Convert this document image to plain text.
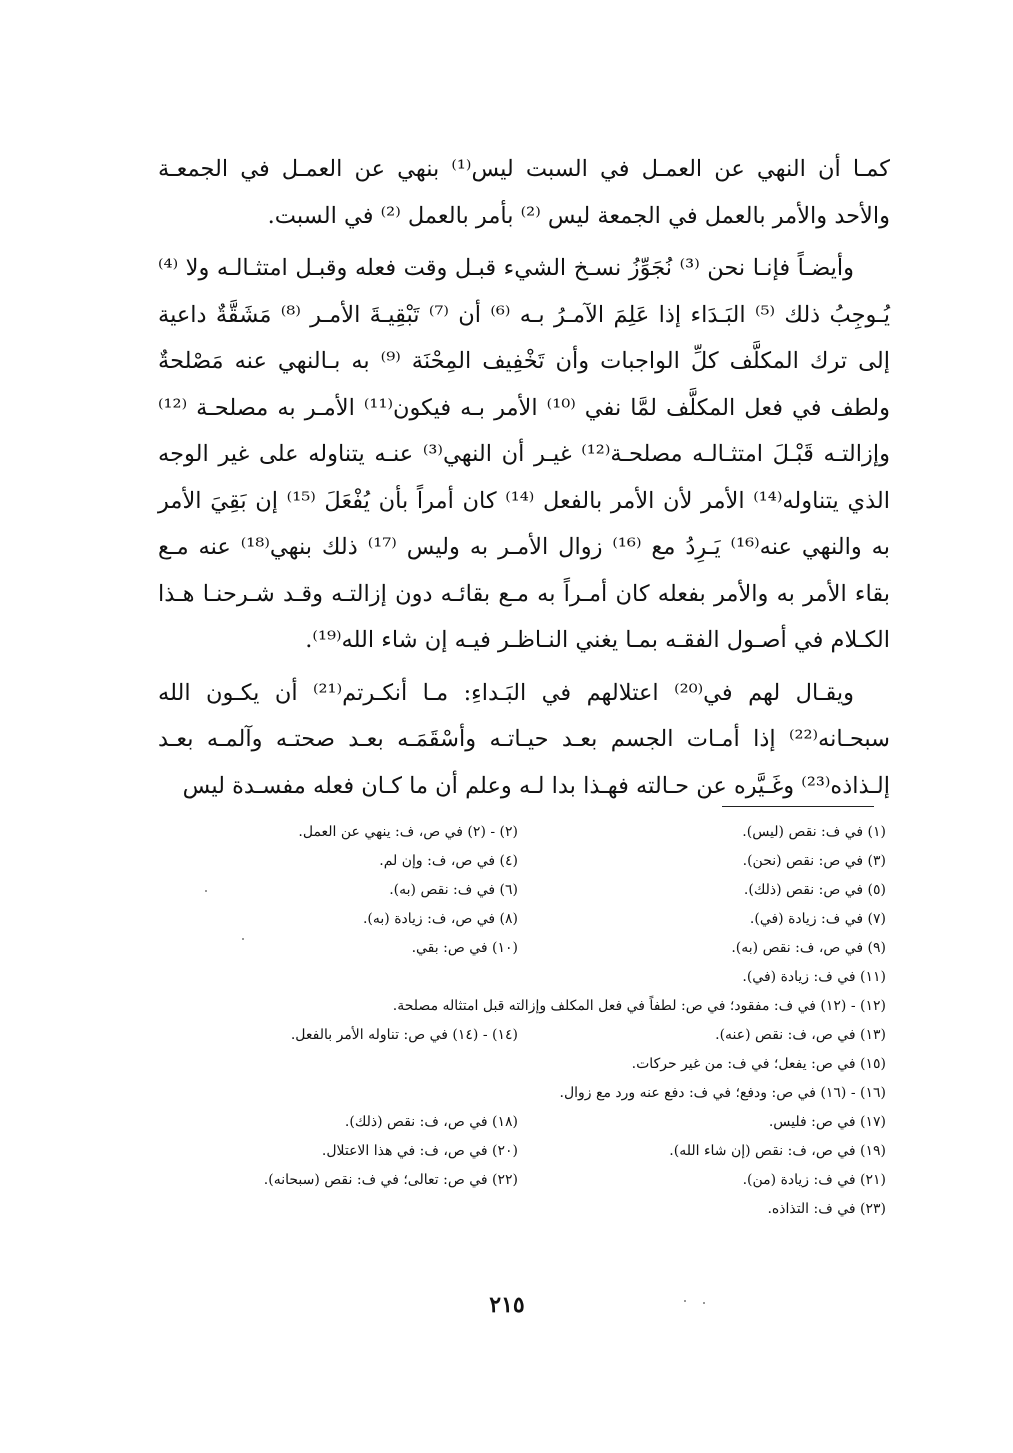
كمـا أن النهي عن العمـل في السبت ليس⁽¹⁾ بنهي عن العمـل في الجمعـة والأحد والأمر بالعمل في الجمعة ليس ⁽²⁾ بأمر بالعمل ⁽²⁾ في السبت.

وأيضـاً فإنـا نحن ⁽³⁾ نُجَوِّزُ نسـخ الشيء قبـل وقت فعله وقبـل امتثـالـه ولا ⁽⁴⁾ يُـوجِبُ ذلك ⁽⁵⁾ البَـدَاء إذا عَلِمَ الآمـرُ بـه ⁽⁶⁾ أن ⁽⁷⁾ تَبْقِيـةَ الأمـر ⁽⁸⁾ مَشَقَّةٌ داعية إلى ترك المكلَّف كلِّ الواجبات وأن تَخْفِيف المِحْنَة ⁽⁹⁾ به بـالنهي عنه مَصْلحةٌ ولطف في فعل المكلَّف لمَّا نفي ⁽¹⁰⁾ الأمر بـه فيكون⁽¹¹⁾ الأمـر به مصلحـة ⁽¹²⁾ وإزالتـه قَبْـلَ امتثـالـه مصلحـة⁽¹²⁾ غيـر أن النهي⁽³⁾ عنـه يتناوله على غير الوجه الذي يتناوله⁽¹⁴⁾ الأمر لأن الأمر بالفعل ⁽¹⁴⁾ كان أمراً بأن يُفْعَلَ ⁽¹⁵⁾ إن بَقِيَ الأمر به والنهي عنه⁽¹⁶⁾ يَـرِدُ مع ⁽¹⁶⁾ زوال الأمـر به وليس ⁽¹⁷⁾ ذلك بنهي⁽¹⁸⁾ عنه مـع بقاء الأمر به والأمر بفعله كان أمـراً به مـع بقائـه دون إزالتـه وقـد شـرحنـا هـذا الكـلام في أصـول الفقـه بمـا يغني النـاظـر فيـه إن شاء الله⁽¹⁹⁾.

ويقـال لهم في⁽²⁰⁾ اعتلالهم في البَـداءِ: مـا أنكـرتم⁽²¹⁾ أن يكـون الله سبحـانه⁽²²⁾ إذا أمـات الجسم بعـد حيـاتـه وأسْقَمَـه بعـد صحتـه وآلمـه بعـد إلـذاذه⁽²³⁾ وغَـيَّره عن حـالته فهـذا بدا لـه وعلم أن ما كـان فعله مفسـدة ليس

(١) في ف: نقص (ليس).
(٢) - (٢) في ص، ف: ينهي عن العمل.
(٣) في ص: نقص (نحن).
(٤) في ص، ف: وإن لم.
(٥) في ص: نقص (ذلك).
(٦) في ف: نقص (به).
(٧) في ف: زيادة (في).
(٨) في ص، ف: زيادة (به).
(٩) في ص، ف: نقص (به).
(١٠) في ص: بقي.
(١١) في ف: زيادة (في).
(١٢) - (١٢) في ف: مفقود؛ في ص: لطفاً في فعل المكلف وإزالته قبل امتثاله مصلحة.
(١٣) في ص، ف: نقص (عنه).
(١٤) - (١٤) في ص: تناوله الأمر بالفعل.
(١٥) في ص: يفعل؛ في ف: من غير حركات.
(١٦) - (١٦) في ص: ودفع؛ في ف: دفع عنه ورد مع زوال.
(١٧) في ص: فليس.
(١٨) في ص، ف: نقص (ذلك).
(١٩) في ص، ف: نقص (إن شاء الله).
(٢٠) في ص، ف: في هذا الاعتلال.
(٢١) في ف: زيادة (من).
(٢٢) في ص: تعالى؛ في ف: نقص (سبحانه).
(٢٣) في ف: التذاذه.
٢١٥
